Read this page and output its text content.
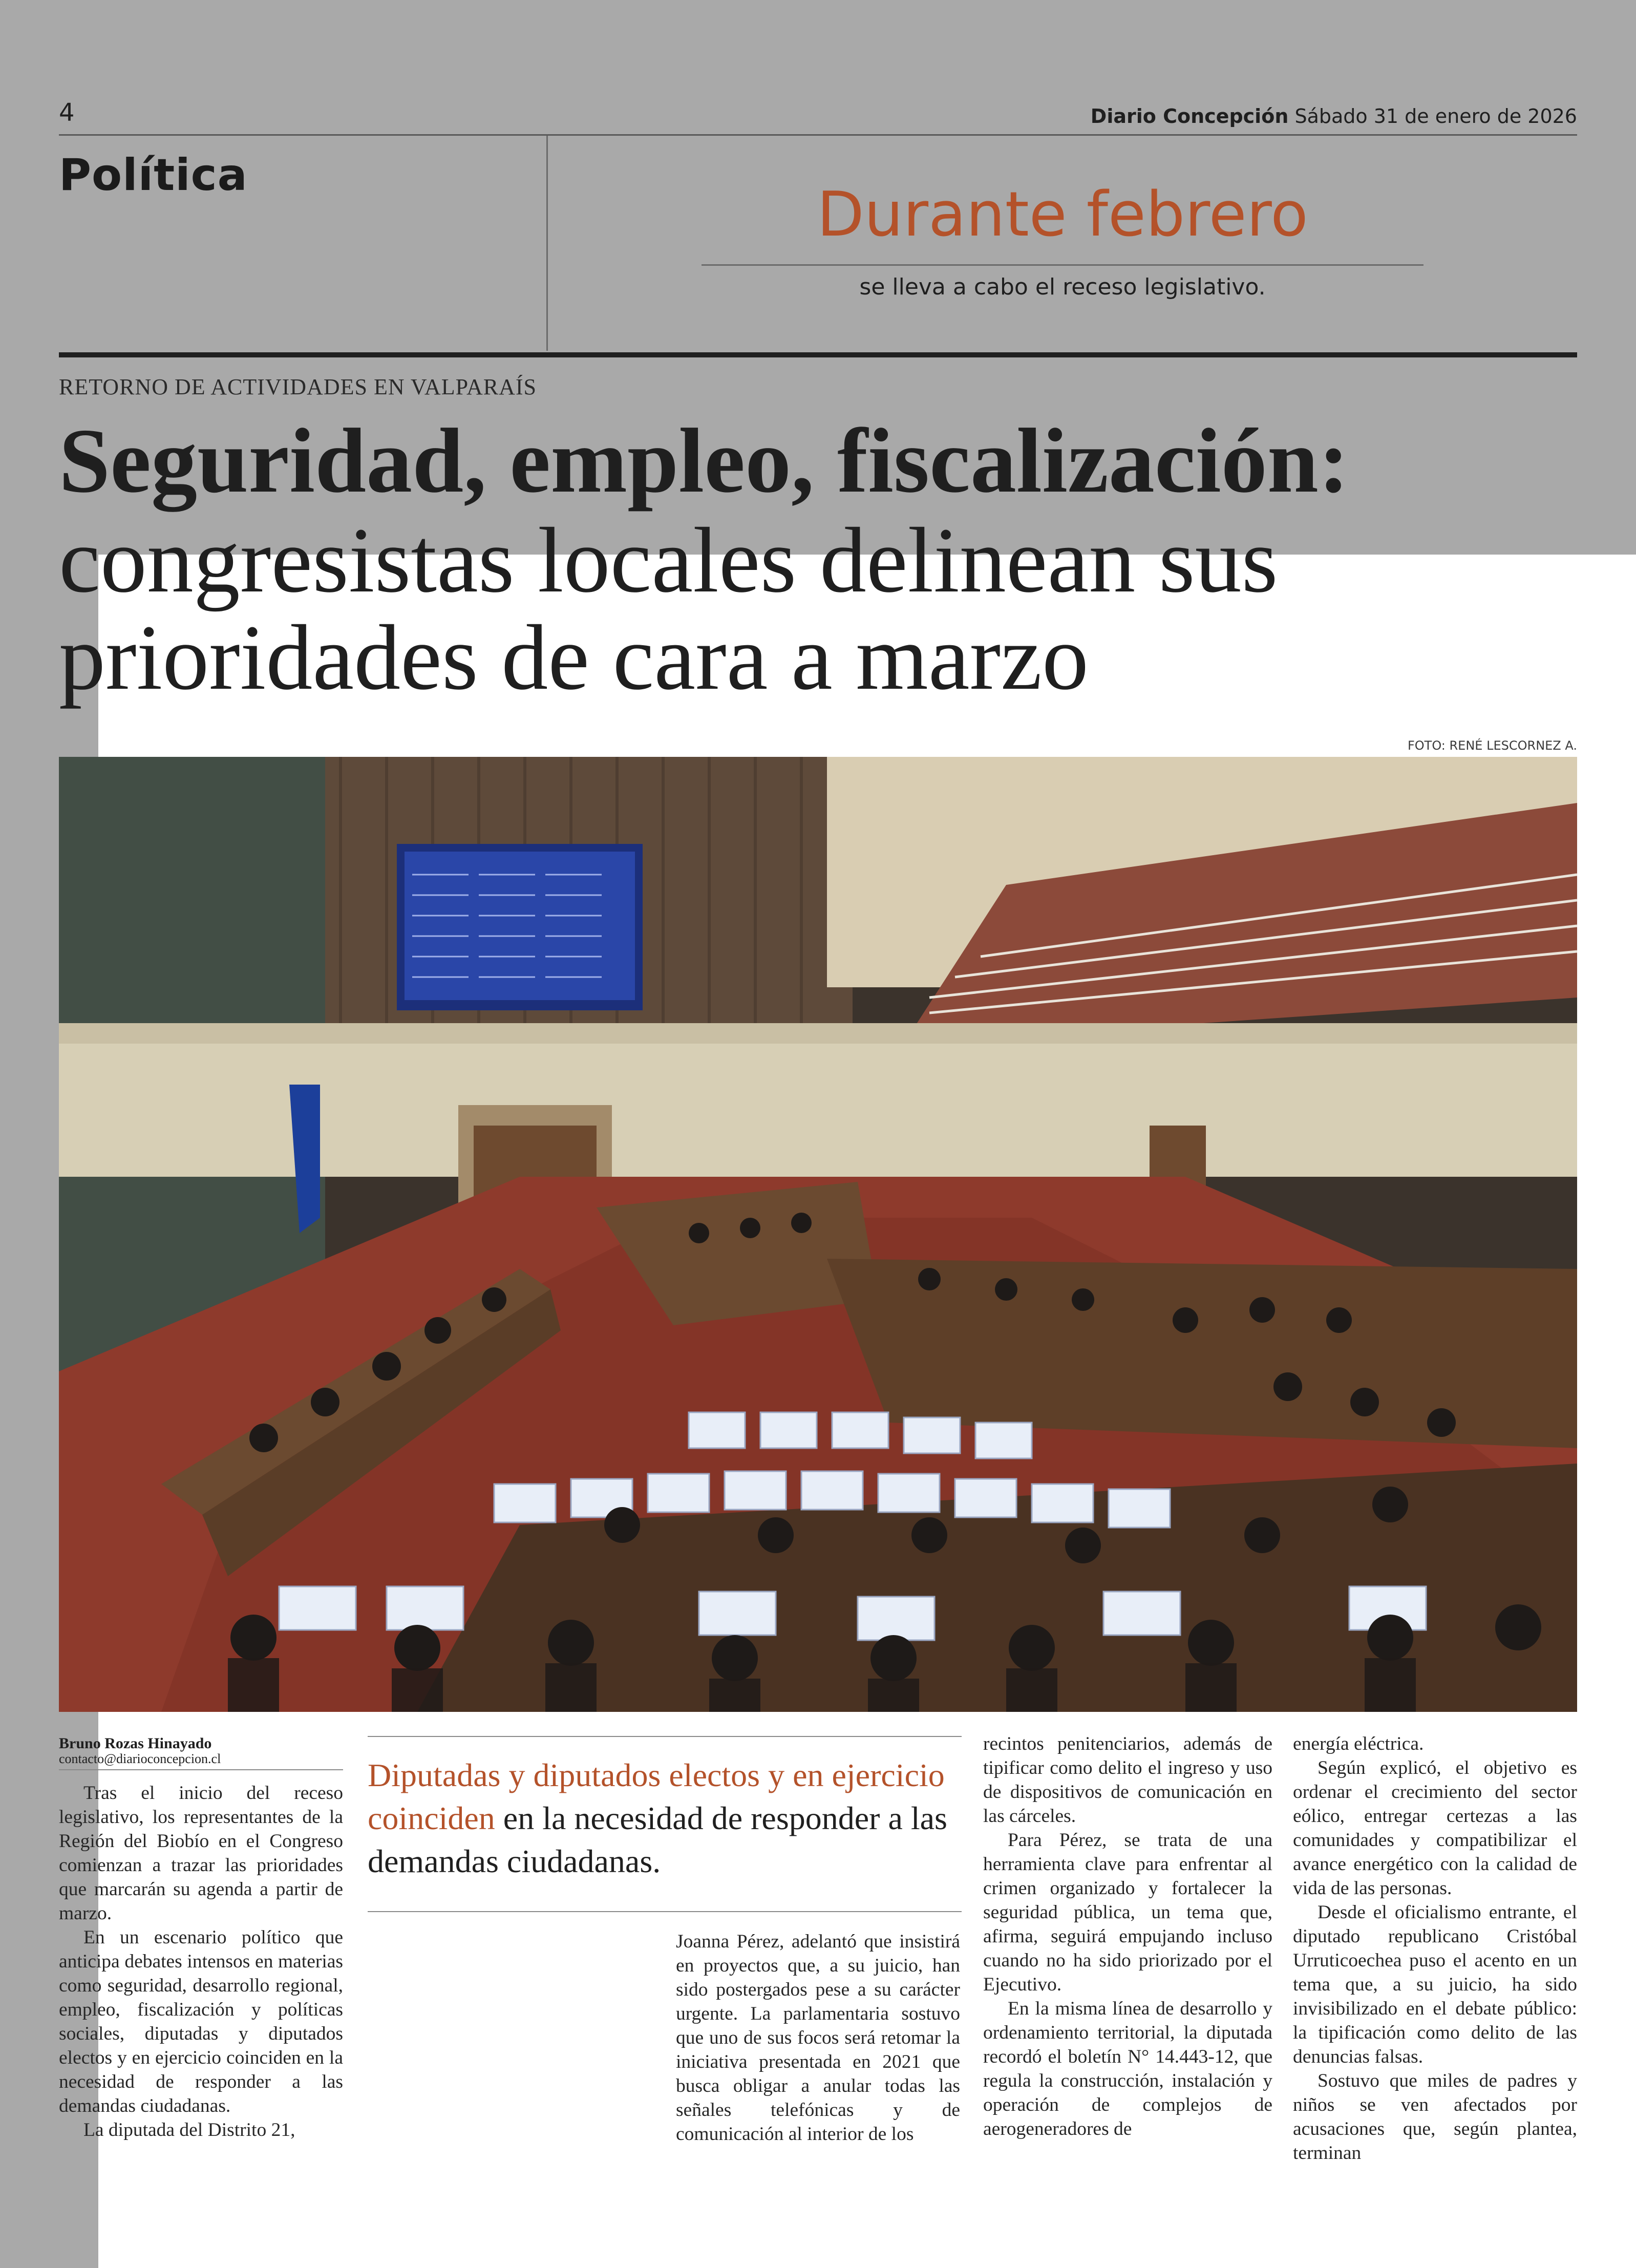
4	Diario Concepción Sábado 31 de enero de 2026
Política
Durante febrero
se lleva a cabo el receso legislativo.
RETORNO DE ACTIVIDADES EN VALPARAÍS
Seguridad, empleo, fiscalización:
congresistas locales delinean sus
prioridades de cara a marzo
FOTO: RENÉ LESCORNEZ A.
Bruno Rozas Hinayado
contacto@diarioconcepcion.cl

Tras el inicio del receso legislativo, los representantes de la Región del Biobío en el Congreso comienzan a trazar las prioridades que marcarán su agenda a partir de marzo.

En un escenario político que anticipa debates intensos en materias como seguridad, desarrollo regional, empleo, fiscalización y políticas sociales, diputadas y diputados electos y en ejercicio coinciden en la necesidad de responder a las demandas ciudadanas.

La diputada del Distrito 21,

Diputadas y diputados electos y en ejercicio coinciden en la necesidad de responder a las demandas ciudadanas.

Joanna Pérez, adelantó que insistirá en proyectos que, a su juicio, han sido postergados pese a su carácter urgente. La parlamentaria sostuvo que uno de sus focos será retomar la iniciativa presentada en 2021 que busca obligar a anular todas las señales telefónicas y de comunicación al interior de los

recintos penitenciarios, además de tipificar como delito el ingreso y uso de dispositivos de comunicación en las cárceles.

Para Pérez, se trata de una herramienta clave para enfrentar al crimen organizado y fortalecer la seguridad pública, un tema que, afirma, seguirá empujando incluso cuando no ha sido priorizado por el Ejecutivo.

En la misma línea de desarrollo y ordenamiento territorial, la diputada recordó el boletín N° 14.443-12, que regula la construcción, instalación y operación de complejos de aerogeneradores de

energía eléctrica.

Según explicó, el objetivo es ordenar el crecimiento del sector eólico, entregar certezas a las comunidades y compatibilizar el avance energético con la calidad de vida de las personas.

Desde el oficialismo entrante, el diputado republicano Cristóbal Urruticoechea puso el acento en un tema que, a su juicio, ha sido invisibilizado en el debate público: la tipificación como delito de las denuncias falsas.

Sostuvo que miles de padres y niños se ven afectados por acusaciones que, según plantea, terminan
